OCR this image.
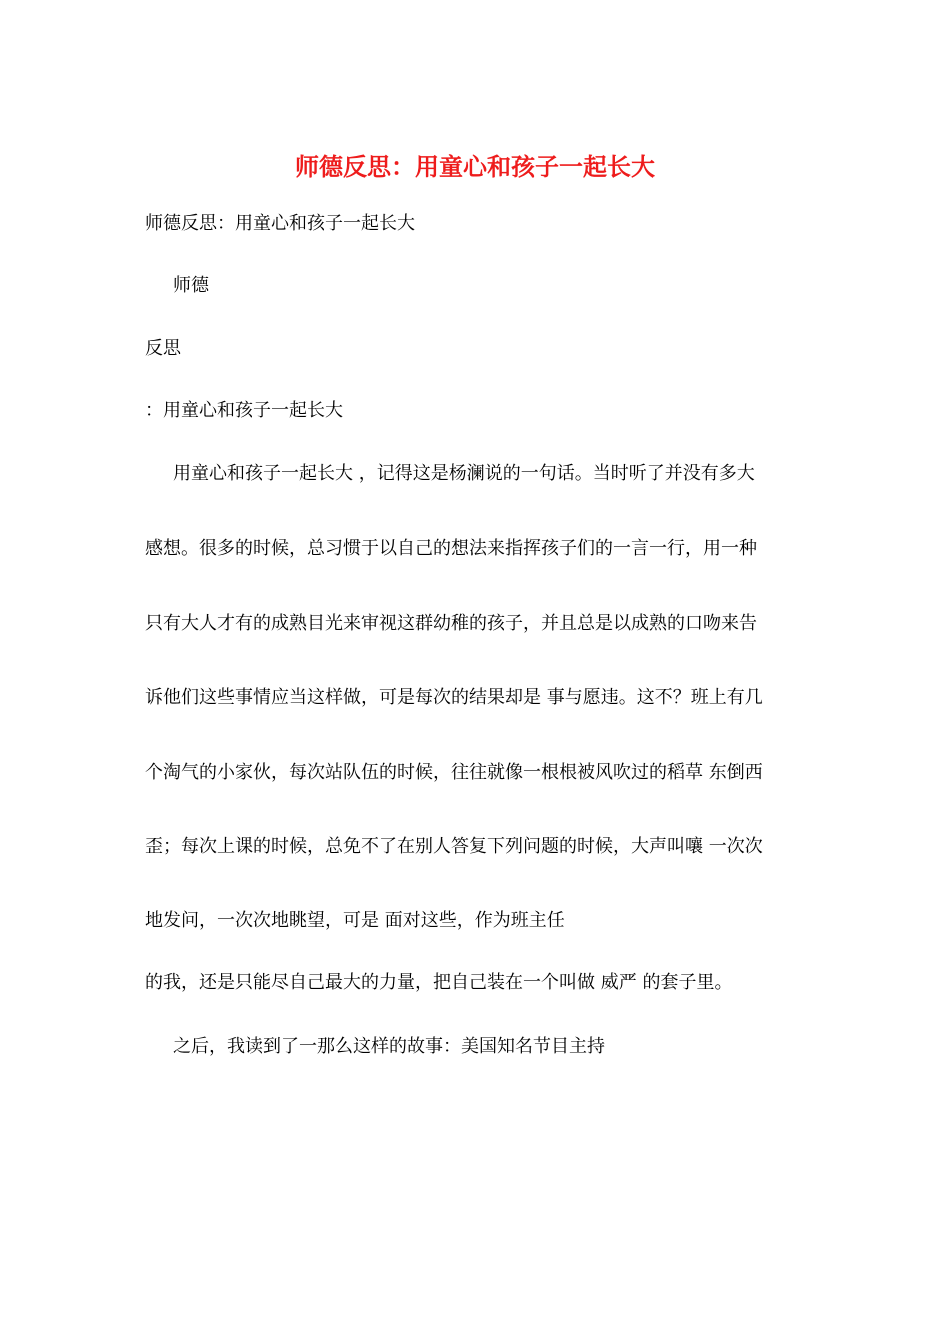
师德反思：用童心和孩子一起长大

师德反思：用童心和孩子一起长大

师德

反思

：用童心和孩子一起长大

用童心和孩子一起长大 ，记得这是杨澜说的一句话。当时听了并没有多大

感想。很多的时候，总习惯于以自己的想法来指挥孩子们的一言一行，用一种

只有大人才有的成熟目光来审视这群幼稚的孩子，并且总是以成熟的口吻来告

诉他们这些事情应当这样做，可是每次的结果却是 事与愿违。这不？班上有几

个淘气的小家伙，每次站队伍的时候，往往就像一根根被风吹过的稻草 东倒西

歪；每次上课的时候，总免不了在别人答复下列问题的时候，大声叫嚷 一次次

地发问，一次次地眺望，可是 面对这些，作为班主任

的我，还是只能尽自己最大的力量，把自己装在一个叫做 威严 的套子里。

之后，我读到了一那么这样的故事：美国知名节目主持
